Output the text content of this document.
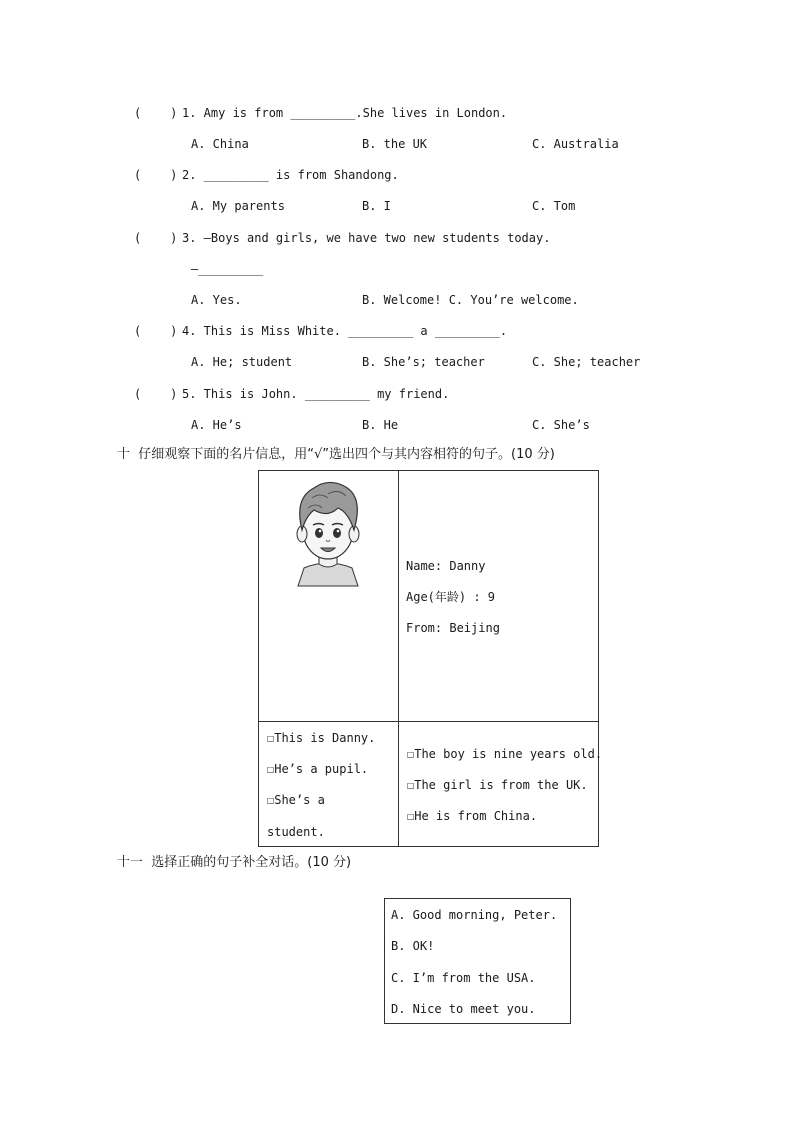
(    ) 1. Amy is from _________.She lives in London.
A. China	B. the UK	C. Australia
(    ) 2. _________ is from Shandong.
A. My parents	B. I	C. Tom
(    ) 3. —Boys and girls, we have two new students today.
—_________
A. Yes.	B. Welcome! C. You’re welcome.
(    ) 4. This is Miss White. _________ a _________.
A. He; student	B. She’s; teacher	C. She; teacher
(    ) 5. This is John. _________ my friend.
A. He’s	B. He	C. She’s
十  仔细观察下面的名片信息，用“√”选出四个与其内容相符的句子。(10 分)
Name: Danny
Age(年龄) : 9
From: Beijing
☐This is Danny.
☐He’s a pupil.
☐She’s a
student.
☐The boy is nine years old.
☐The girl is from the UK.
☐He is from China.
十一  选择正确的句子补全对话。(10 分)
A. Good morning, Peter.
B. OK!
C. I’m from the USA.
D. Nice to meet you.
